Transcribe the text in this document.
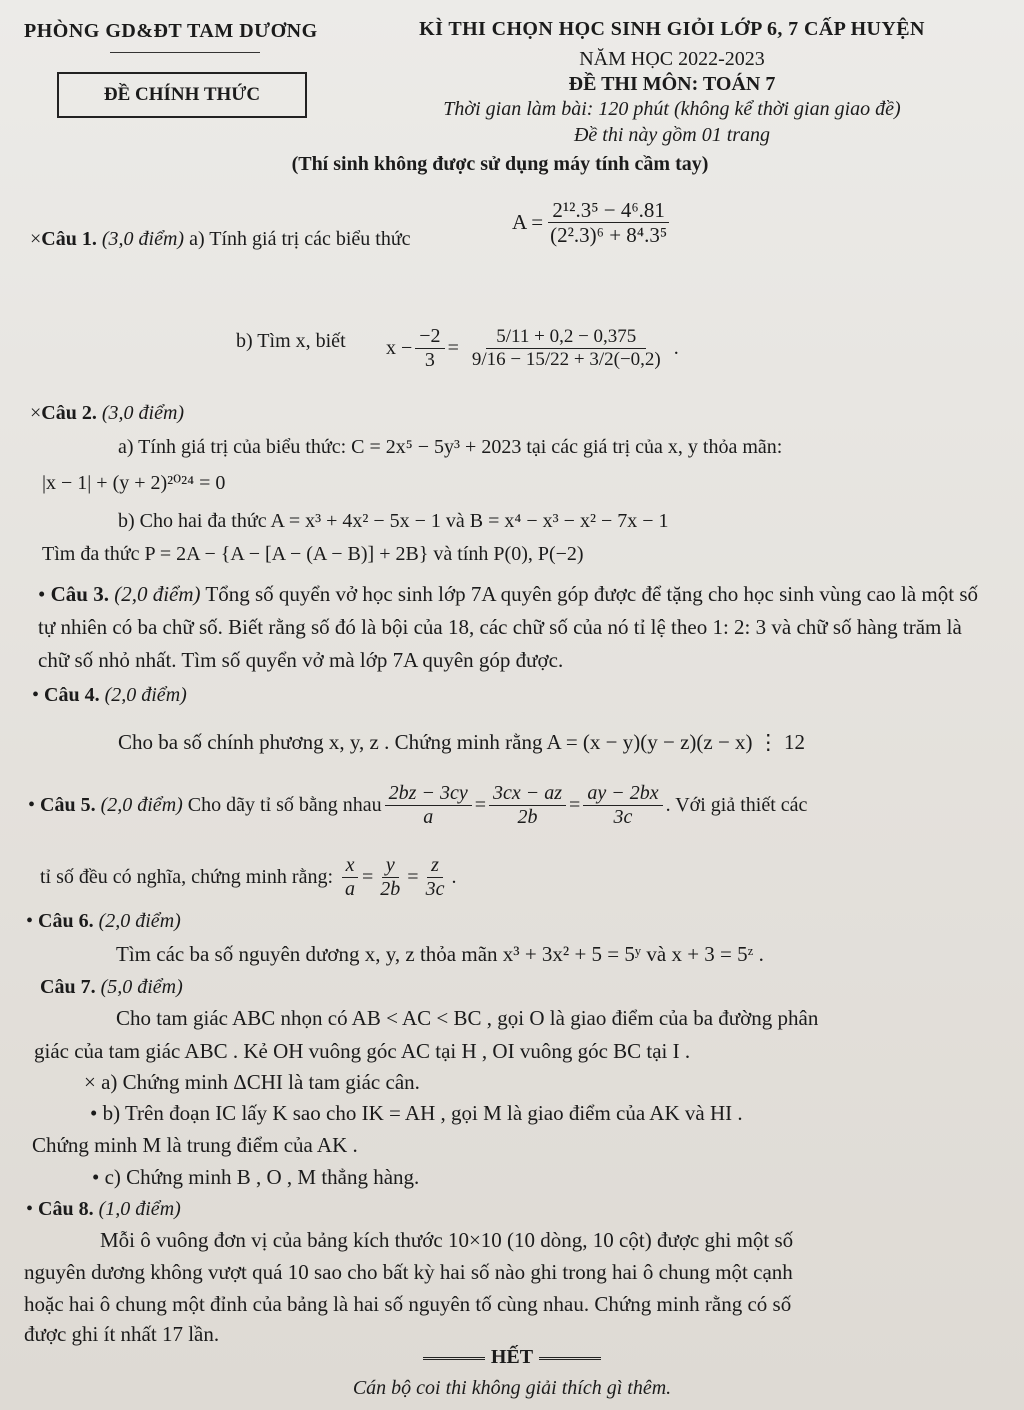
PHÒNG GD&ĐT TAM DƯƠNG
ĐỀ CHÍNH THỨC
KÌ THI CHỌN HỌC SINH GIỎI LỚP 6, 7 CẤP HUYỆN
NĂM HỌC 2022-2023
ĐỀ THI MÔN: TOÁN 7
Thời gian làm bài: 120 phút (không kể thời gian giao đề)
Đề thi này gồm 01 trang
(Thí sinh không được sử dụng máy tính cầm tay)
×Câu 1. (3,0 điểm) a) Tính giá trị các biểu thức
$A = \frac{\text{2¹².3⁵ − 4⁶.81}}{\text{(2².3)⁶ + 8⁴.3⁵}}$
b) Tìm x, biết $x - \frac{-2}{3} = \frac{5/11 + 0,2 - 0,375}{9/16 - 15/22 + 3/2(-0,2)}$ .
×Câu 2. (3,0 điểm)
a) Tính giá trị của biểu thức: C = 2x⁵ − 5y³ + 2023 tại các giá trị của x, y thỏa mãn:
|x − 1| + (y + 2)²⁰²⁴ = 0
b) Cho hai đa thức A = x³ + 4x² − 5x − 1 và B = x⁴ − x³ − x² − 7x − 1
Tìm đa thức P = 2A − {A − [A − (A − B)] + 2B} và tính P(0), P(−2)
• Câu 3. (2,0 điểm) Tổng số quyển vở học sinh lớp 7A quyên góp được để tặng cho học sinh vùng cao là một số tự nhiên có ba chữ số. Biết rằng số đó là bội của 18, các chữ số của nó tỉ lệ theo 1: 2: 3 và chữ số hàng trăm là chữ số nhỏ nhất. Tìm số quyển vở mà lớp 7A quyên góp được.
• Câu 4. (2,0 điểm)
Cho ba số chính phương x, y, z . Chứng minh rằng A = (x − y)(y − z)(z − x) ⋮ 12
•
Câu 5.
(2,0 điểm)
Cho dãy tỉ số bằng nhau $\frac{2bz - 3cy}{a} = \frac{3cx - az}{2b} = \frac{ay - 2bx}{3c}$ . Với giả thiết các
tỉ số đều có nghĩa, chứng minh rằng:
$\frac{x}{a} = \frac{y}{2b} = \frac{z}{3c}$ .
• Câu 6. (2,0 điểm)
Tìm các ba số nguyên dương x, y, z thỏa mãn x³ + 3x² + 5 = 5ʸ và x + 3 = 5ᶻ .
Câu 7. (5,0 điểm)
Cho tam giác ABC nhọn có AB < AC < BC , gọi O là giao điểm của ba đường phân
giác của tam giác ABC . Kẻ OH vuông góc AC tại H , OI vuông góc BC tại I .
× a) Chứng minh ΔCHI là tam giác cân.
• b) Trên đoạn IC lấy K sao cho IK = AH , gọi M là giao điểm của AK và HI .
Chứng minh M là trung điểm của AK .
• c) Chứng minh B , O , M thẳng hàng.
• Câu 8. (1,0 điểm)
Mỗi ô vuông đơn vị của bảng kích thước 10×10 (10 dòng, 10 cột) được ghi một số
nguyên dương không vượt quá 10 sao cho bất kỳ hai số nào ghi trong hai ô chung một cạnh
hoặc hai ô chung một đỉnh của bảng là hai số nguyên tố cùng nhau. Chứng minh rằng có số
được ghi ít nhất 17 lần.
HẾT
Cán bộ coi thi không giải thích gì thêm.
